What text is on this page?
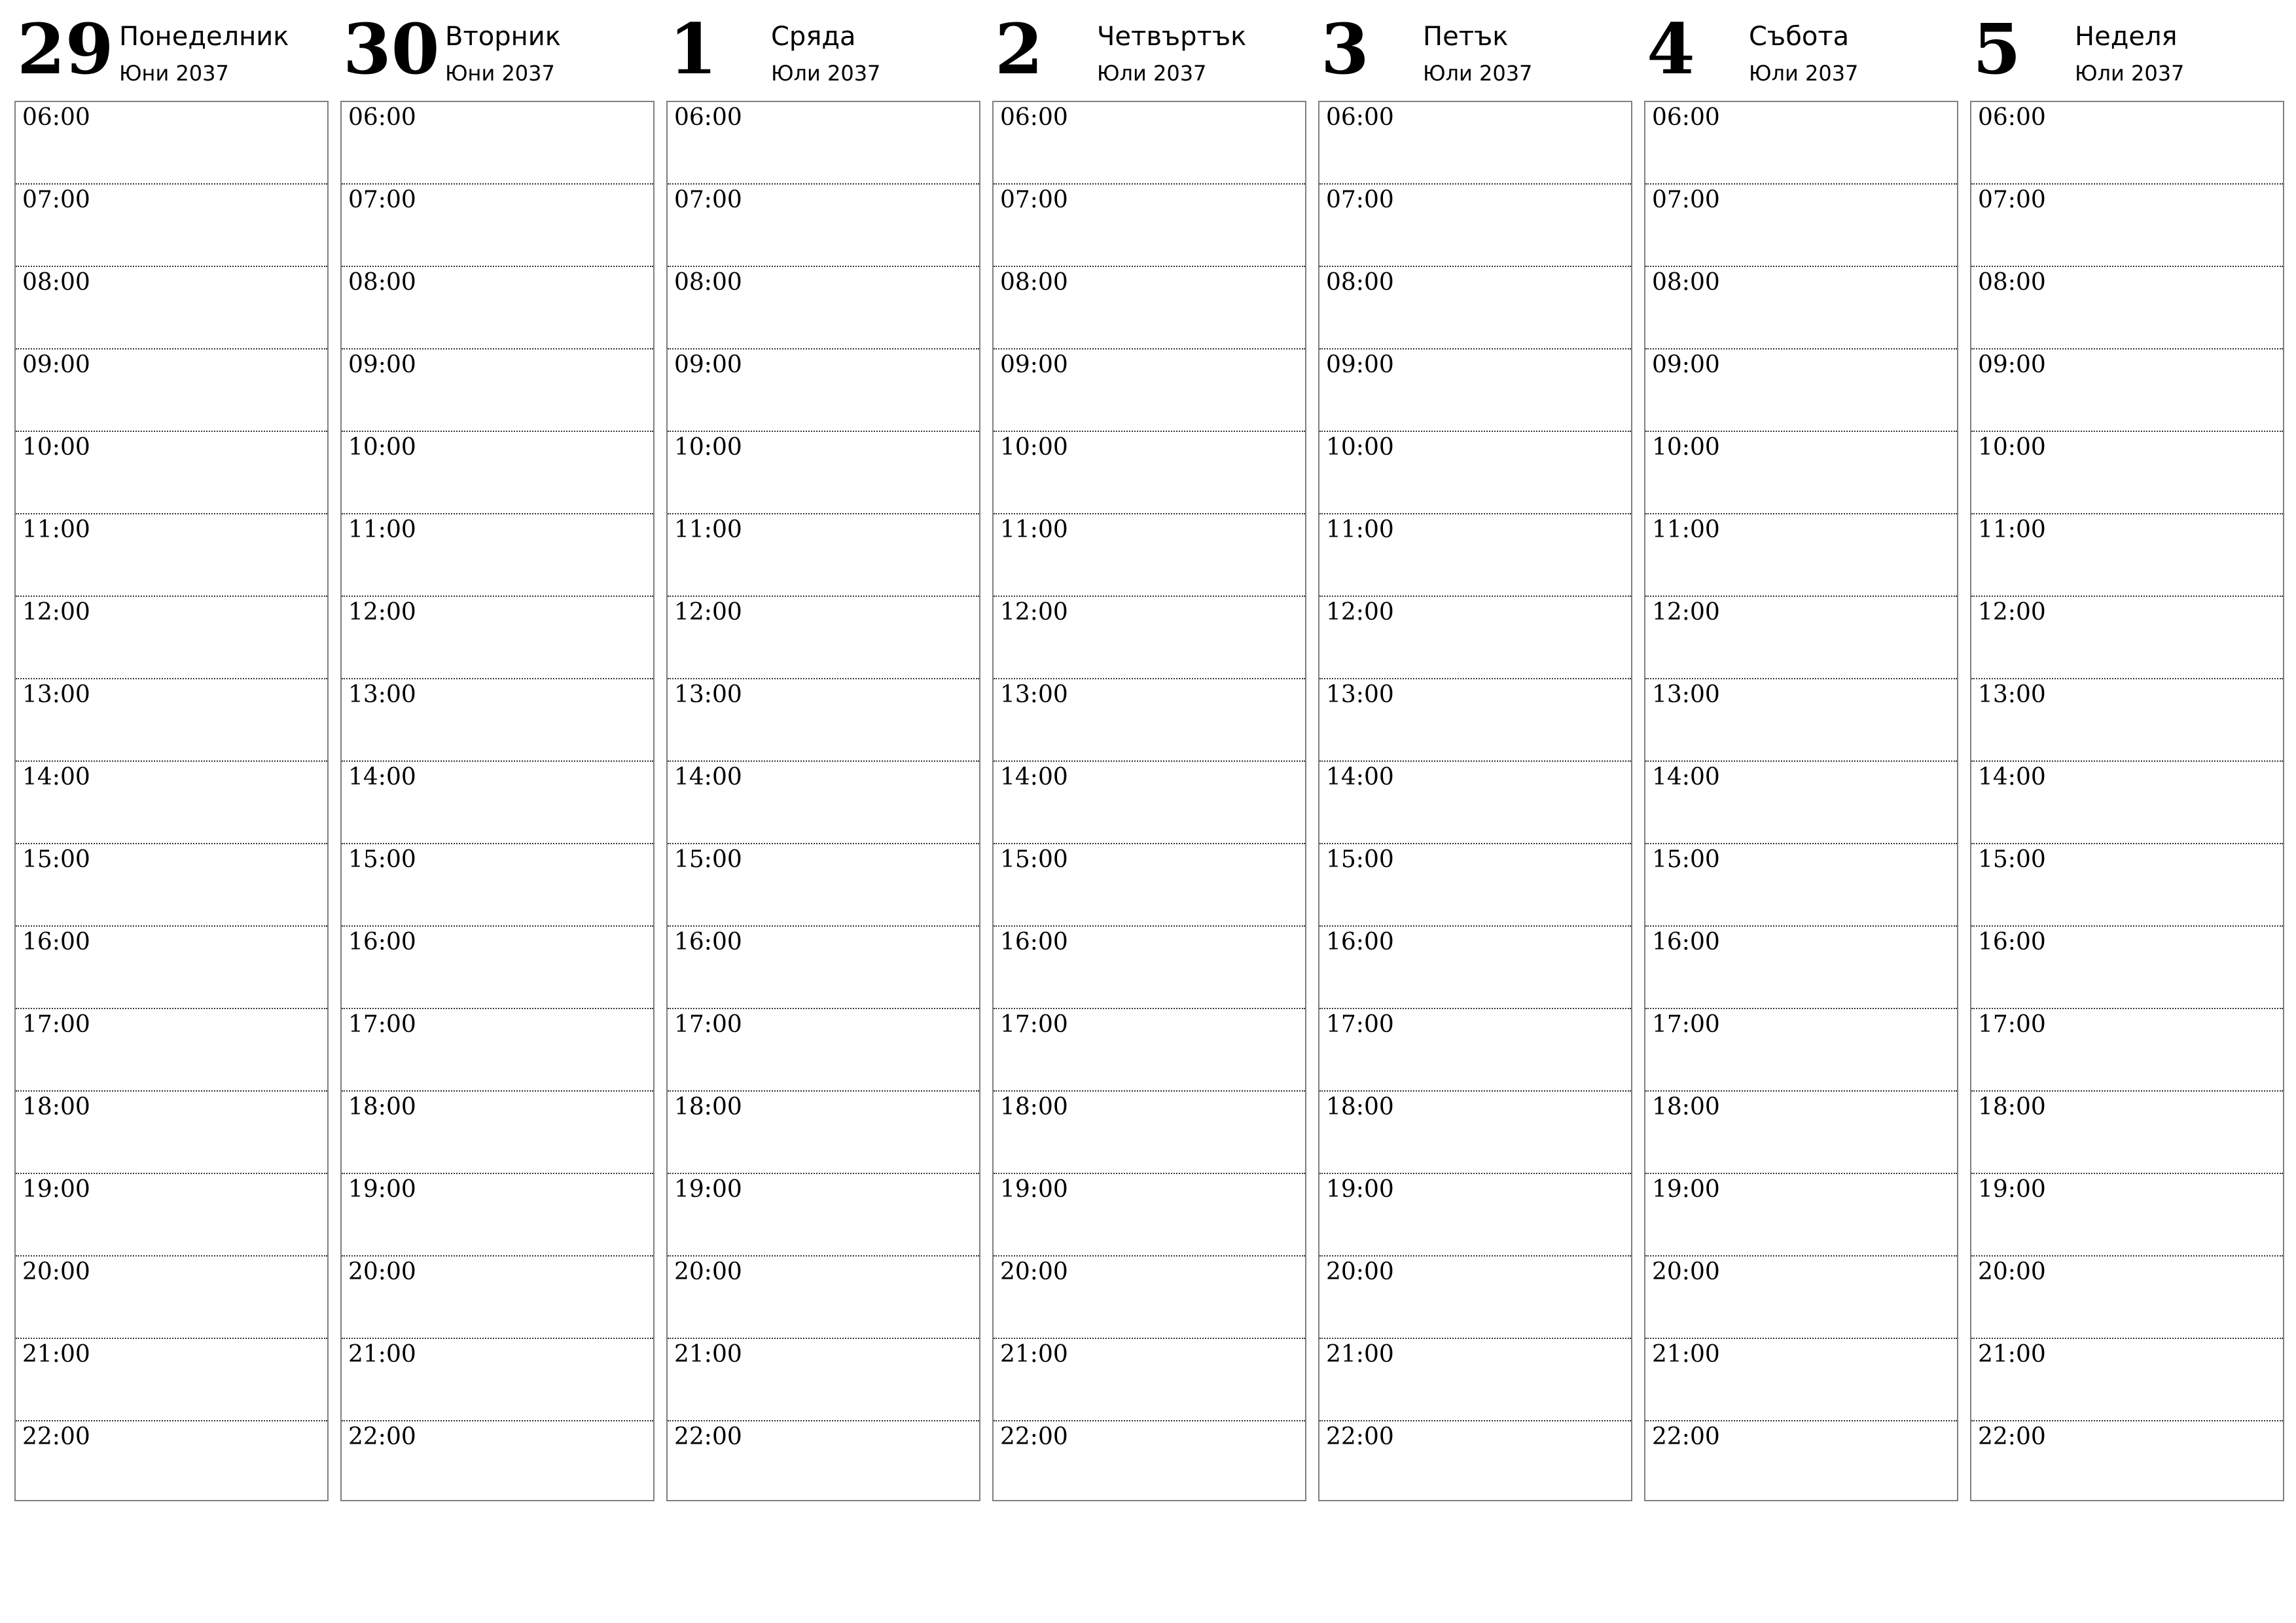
29 Понеделник
Юни 2037
06:00
07:00
08:00
09:00
10:00
11:00
12:00
13:00
14:00
15:00
16:00
17:00
18:00
19:00
20:00
21:00
22:00
30 Вторник
Юни 2037
06:00
07:00
08:00
09:00
10:00
11:00
12:00
13:00
14:00
15:00
16:00
17:00
18:00
19:00
20:00
21:00
22:00
1 Сряда
Юли 2037
06:00
07:00
08:00
09:00
10:00
11:00
12:00
13:00
14:00
15:00
16:00
17:00
18:00
19:00
20:00
21:00
22:00
2 Четвъртък
Юли 2037
06:00
07:00
08:00
09:00
10:00
11:00
12:00
13:00
14:00
15:00
16:00
17:00
18:00
19:00
20:00
21:00
22:00
3 Петък
Юли 2037
06:00
07:00
08:00
09:00
10:00
11:00
12:00
13:00
14:00
15:00
16:00
17:00
18:00
19:00
20:00
21:00
22:00
4 Събота
Юли 2037
06:00
07:00
08:00
09:00
10:00
11:00
12:00
13:00
14:00
15:00
16:00
17:00
18:00
19:00
20:00
21:00
22:00
5 Неделя
Юли 2037
06:00
07:00
08:00
09:00
10:00
11:00
12:00
13:00
14:00
15:00
16:00
17:00
18:00
19:00
20:00
21:00
22:00
